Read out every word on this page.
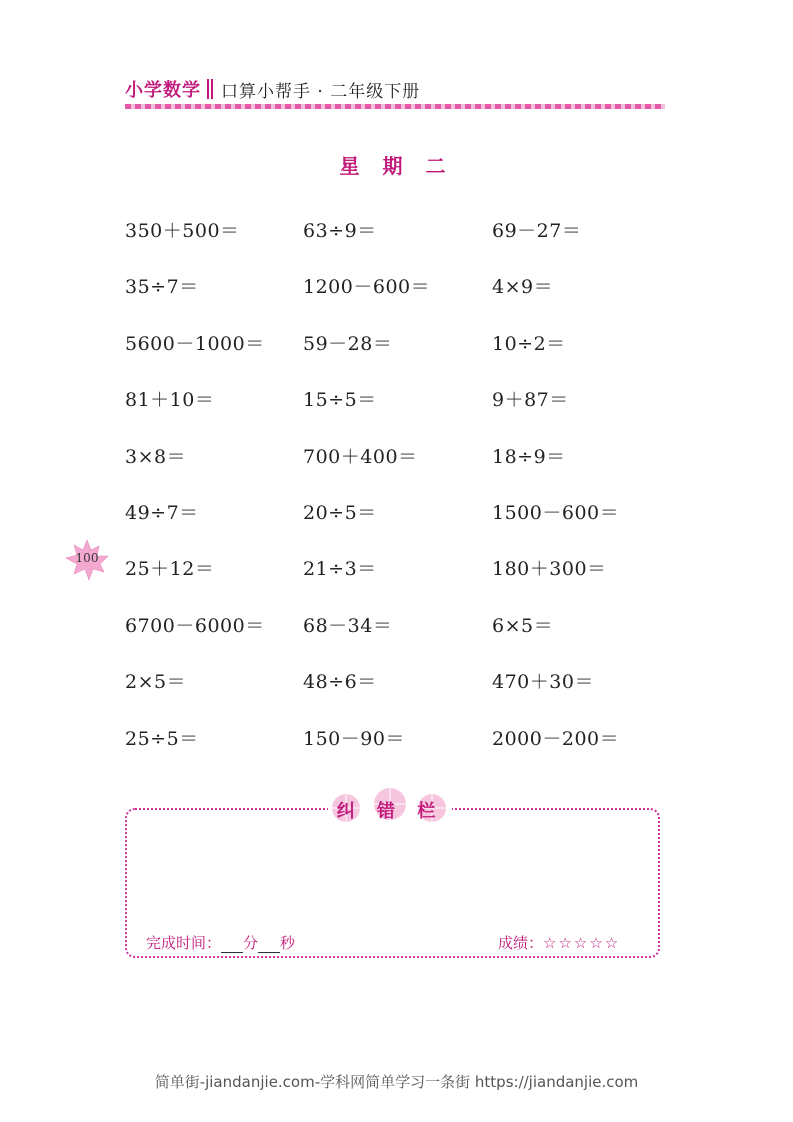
小学数学 口算小帮手 · 二年级下册
星 期 二
350＋500＝	63÷9＝	69－27＝
35÷7＝	1200－600＝	4×9＝
5600－1000＝ 59－28＝	10÷2＝
81＋10＝	15÷5＝	9＋87＝
3×8＝	700＋400＝	18÷9＝
49÷7＝	20÷5＝	1500－600＝
25＋12＝	21÷3＝	180＋300＝
6700－6000＝ 68－34＝	6×5＝
2×5＝	48÷6＝	470＋30＝
25÷5＝	150－90＝	2000－200＝
100
纠 错 栏
完成时间： 分 秒	成绩：☆☆☆☆☆
简单街-jiandanjie.com-学科网简单学习一条街 https://jiandanjie.com
